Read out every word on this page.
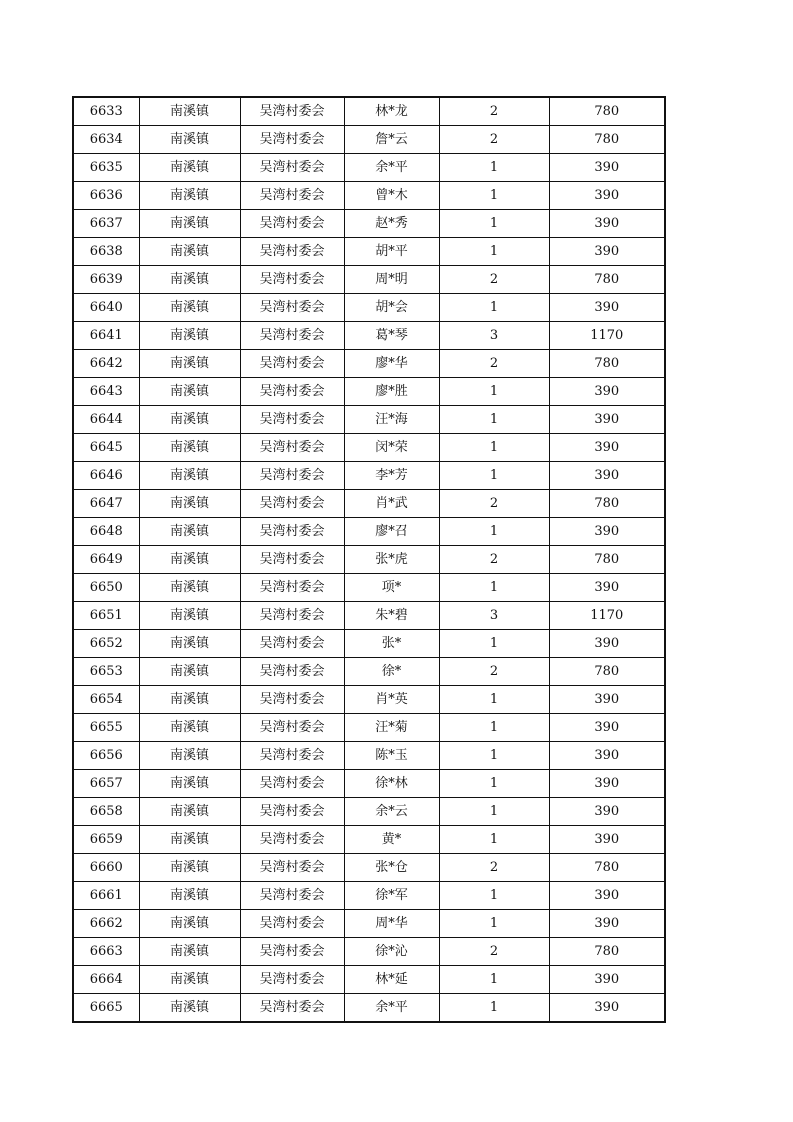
6633	南溪镇	吴湾村委会	林*龙	2	780
6634	南溪镇	吴湾村委会	詹*云	2	780
6635	南溪镇	吴湾村委会	余*平	1	390
6636	南溪镇	吴湾村委会	曾*木	1	390
6637	南溪镇	吴湾村委会	赵*秀	1	390
6638	南溪镇	吴湾村委会	胡*平	1	390
6639	南溪镇	吴湾村委会	周*明	2	780
6640	南溪镇	吴湾村委会	胡*会	1	390
6641	南溪镇	吴湾村委会	葛*琴	3	1170
6642	南溪镇	吴湾村委会	廖*华	2	780
6643	南溪镇	吴湾村委会	廖*胜	1	390
6644	南溪镇	吴湾村委会	汪*海	1	390
6645	南溪镇	吴湾村委会	闵*荣	1	390
6646	南溪镇	吴湾村委会	李*芳	1	390
6647	南溪镇	吴湾村委会	肖*武	2	780
6648	南溪镇	吴湾村委会	廖*召	1	390
6649	南溪镇	吴湾村委会	张*虎	2	780
6650	南溪镇	吴湾村委会	项*	1	390
6651	南溪镇	吴湾村委会	朱*碧	3	1170
6652	南溪镇	吴湾村委会	张*	1	390
6653	南溪镇	吴湾村委会	徐*	2	780
6654	南溪镇	吴湾村委会	肖*英	1	390
6655	南溪镇	吴湾村委会	汪*菊	1	390
6656	南溪镇	吴湾村委会	陈*玉	1	390
6657	南溪镇	吴湾村委会	徐*林	1	390
6658	南溪镇	吴湾村委会	余*云	1	390
6659	南溪镇	吴湾村委会	黄*	1	390
6660	南溪镇	吴湾村委会	张*仓	2	780
6661	南溪镇	吴湾村委会	徐*军	1	390
6662	南溪镇	吴湾村委会	周*华	1	390
6663	南溪镇	吴湾村委会	徐*沁	2	780
6664	南溪镇	吴湾村委会	林*延	1	390
6665	南溪镇	吴湾村委会	余*平	1	390
